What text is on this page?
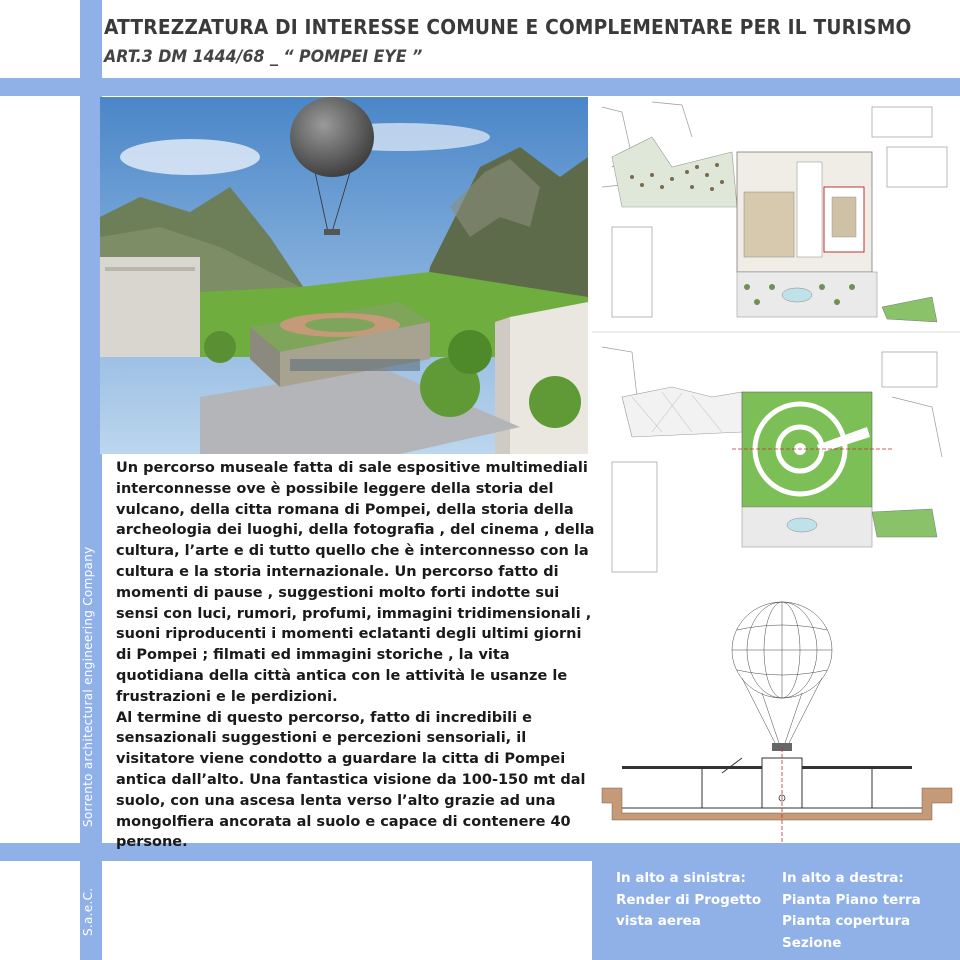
Sorrento architectural engineering Company
S.a.e.C.
ATTREZZATURA DI INTERESSE COMUNE E COMPLEMENTARE PER IL TURISMO
ART.3 DM 1444/68 _ “ POMPEI EYE ”

Un percorso museale fatta di sale espositive multimediali interconnesse ove è possibile leggere della storia del vulcano, della citta romana di Pompei, della storia della archeologia dei luoghi, della fotografia , del cinema , della cultura, l’arte e di tutto quello che è interconnesso con la cultura e la storia internazionale. Un percorso fatto di momenti di pause , suggestioni molto forti indotte sui sensi con luci, rumori, profumi, immagini tridimensionali , suoni riproducenti i momenti eclatanti degli ultimi giorni di Pompei ; filmati ed immagini storiche , la vita quotidiana della città antica con le attività le usanze le frustrazioni e le perdizioni.

Al termine di questo percorso, fatto di incredibili e sensazionali suggestioni e percezioni sensoriali, il visitatore viene condotto a guardare la citta di Pompei antica dall’alto. Una fantastica visione da 100-150 mt dal suolo, con una ascesa lenta verso l’alto grazie ad una mongolfiera ancorata al suolo e capace di contenere 40 persone.

In alto a sinistra:
Render di Progetto
vista aerea
In alto a destra:
Pianta Piano terra
Pianta copertura
Sezione
